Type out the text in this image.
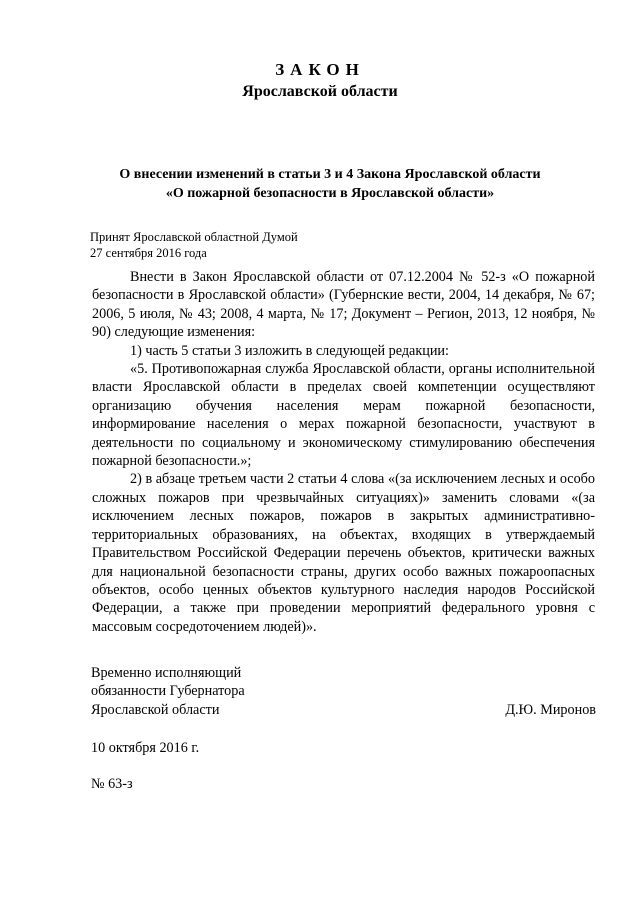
ЗАКОН
Ярославской области
О внесении изменений в статьи 3 и 4 Закона Ярославской области
«О пожарной безопасности в Ярославской области»
Принят Ярославской областной Думой
27 сентября 2016 года

Внести в Закон Ярославской области от 07.12.2004 № 52-з «О пожарной безопасности в Ярославской области» (Губернские вести, 2004, 14 декабря, № 67; 2006, 5 июля, № 43; 2008, 4 марта, № 17; Документ – Регион, 2013, 12 ноября, № 90) следующие изменения:

1) часть 5 статьи 3 изложить в следующей редакции:

«5. Противопожарная служба Ярославской области, органы исполнительной власти Ярославской области в пределах своей компетенции осуществляют организацию обучения населения мерам пожарной безопасности, информирование населения о мерах пожарной безопасности, участвуют в деятельности по социальному и экономическому стимулированию обеспечения пожарной безопасности.»;

2) в абзаце третьем части 2 статьи 4 слова «(за исключением лесных и особо сложных пожаров при чрезвычайных ситуациях)» заменить словами «(за исключением лесных пожаров, пожаров в закрытых административно-территориальных образованиях, на объектах, входящих в утверждаемый Правительством Российской Федерации перечень объектов, критически важных для национальной безопасности страны, других особо важных пожароопасных объектов, особо ценных объектов культурного наследия народов Российской Федерации, а также при проведении мероприятий федерального уровня с массовым сосредоточением людей)».

Временно исполняющий
обязанности Губернатора
Ярославской области	Д.Ю. Миронов
10 октября 2016 г.
№ 63-з
